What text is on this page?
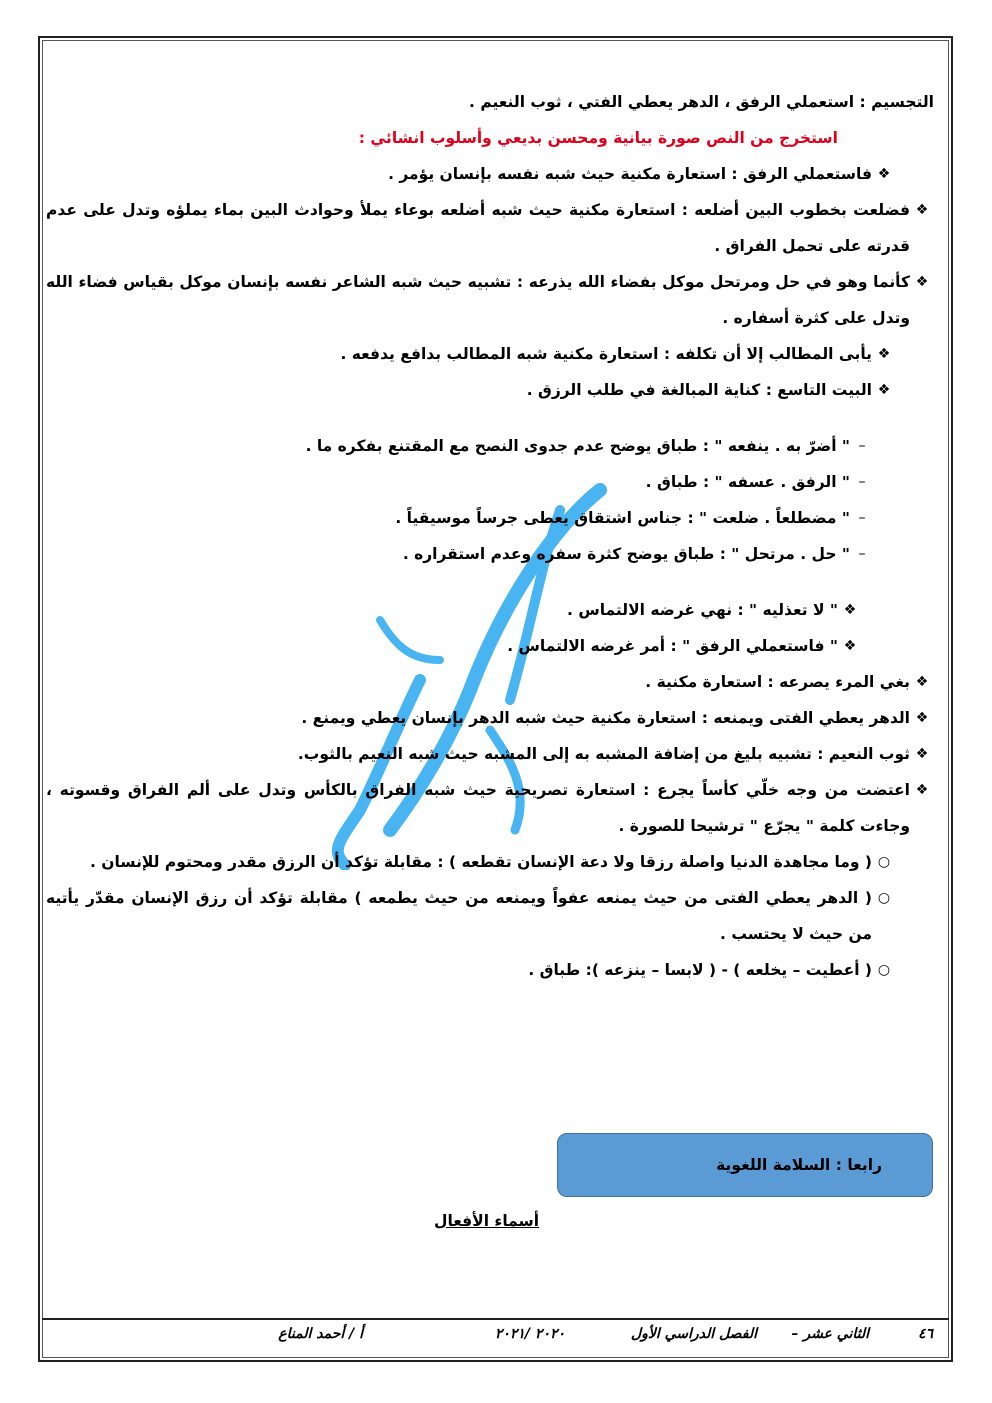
التجسيم : استعملي الرفق ، الدهر يعطي الفتي ، ثوب النعيم .

استخرج من النص صورة بيانية ومحسن بديعي وأسلوب انشائي :

❖
فاستعملي الرفق : استعارة مكنية حيث شبه نفسه بإنسان يؤمر .
❖
فضلعت بخطوب البين أضلعه : استعارة مكنية حيث شبه أضلعه بوعاء يملأ وحوادث البين بماء يملؤه وتدل على عدم قدرته على تحمل الفراق .
❖
كأنما وهو في حل ومرتحل موكل بفضاء الله يذرعه : تشبيه حيث شبه الشاعر نفسه بإنسان موكل بقياس فضاء الله وتدل على كثرة أسفاره .
❖
يأبى المطالب إلا أن تكلفه : استعارة مكنية شبه المطالب بدافع يدفعه .
❖
البيت التاسع : كناية المبالغة في طلب الرزق .
–
" أضرّ به . ينفعه " : طباق يوضح عدم جدوى النصح مع المقتنع بفكره ما .
–
" الرفق . عسفه " : طباق .
–
" مضطلعاً . ضلعت " : جناس اشتقاق يعطى جرساً موسيقياً .
–
" حل . مرتحل " : طباق يوضح كثرة سفره وعدم استقراره .
❖
" لا تعذليه " : نهي غرضه الالتماس .
❖
" فاستعملي الرفق " : أمر غرضه الالتماس .
❖
بغي المرء يصرعه : استعارة مكنية .
❖
الدهر يعطي الفتى ويمنعه : استعارة مكنية حيث شبه الدهر بإنسان يعطي ويمنع .
❖
ثوب النعيم : تشبيه بليغ من إضافة المشبه به إلى المشبه حيث شبه النعيم بالثوب.
❖
اعتضت من وجه خلّي كأساً يجرع : استعارة تصريحية حيث شبه الفراق بالكأس وتدل على ألم الفراق وقسوته ، وجاءت كلمة " يجرّع " ترشيحا للصورة .
○
( وما مجاهدة الدنيا واصلة رزقا ولا دعة الإنسان تقطعه ) : مقابلة تؤكد أن الرزق مقدر ومحتوم للإنسان .
○
( الدهر يعطي الفتى من حيث يمنعه عفواً ويمنعه من حيث يطمعه ) مقابلة تؤكد أن رزق الإنسان مقدّر يأتيه من حيث لا يحتسب .
○
( أعطيت – يخلعه ) - ( لابسا – ينزعه ): طباق .
رابعا : السلامة اللغوية
أسماء الأفعال
٤٦
الثاني عشر –
الفصل الدراسي الأول
٢٠٢٠ /٢٠٢١
أ / أحمد المناع
